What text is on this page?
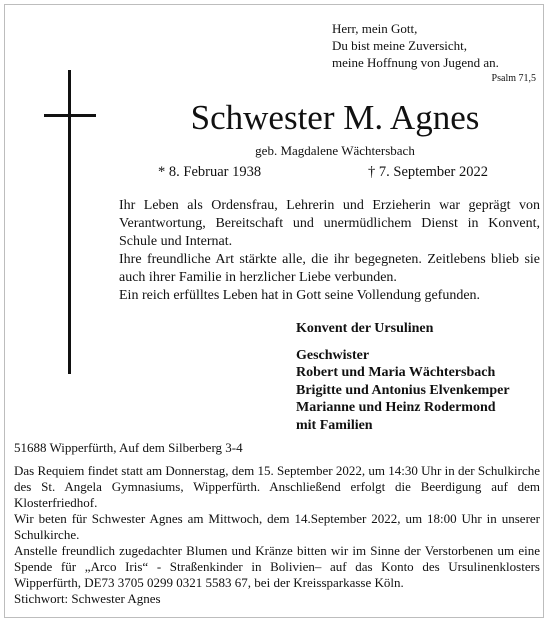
Herr, mein Gott,
Du bist meine Zuversicht,
meine Hoffnung von Jugend an.
Psalm 71,5
Schwester M. Agnes
geb. Magdalene Wächtersbach
* 8. Februar 1938	† 7. September 2022

Ihr Leben als Ordensfrau, Lehrerin und Erzieherin war geprägt von Verantwortung, Bereitschaft und unermüdlichem Dienst in Konvent, Schule und Internat.

Ihre freundliche Art stärkte alle, die ihr begegneten. Zeitlebens blieb sie auch ihrer Familie in herzlicher Liebe verbunden.

Ein reich erfülltes Leben hat in Gott seine Vollendung gefunden.

Konvent der Ursulinen
Geschwister
Robert und Maria Wächtersbach
Brigitte und Antonius Elvenkemper
Marianne und Heinz Rodermond
mit Familien
51688 Wipperfürth, Auf dem Silberberg 3-4

Das Requiem findet statt am Donnerstag, dem 15. September 2022, um 14:30 Uhr in der Schulkirche des St. Angela Gymnasiums, Wipperfürth. Anschließend erfolgt die Beerdigung auf dem Klosterfriedhof.

Wir beten für Schwester Agnes am Mittwoch, dem 14.September 2022, um 18:00 Uhr in unserer Schulkirche.

Anstelle freundlich zugedachter Blumen und Kränze bitten wir im Sinne der Verstorbenen um eine Spende für „Arco Iris“ - Straßenkinder in Bolivien– auf das Konto des Ursulinenklosters Wipperfürth, DE73 3705 0299 0321 5583 67, bei der Kreissparkasse Köln.

Stichwort: Schwester Agnes
